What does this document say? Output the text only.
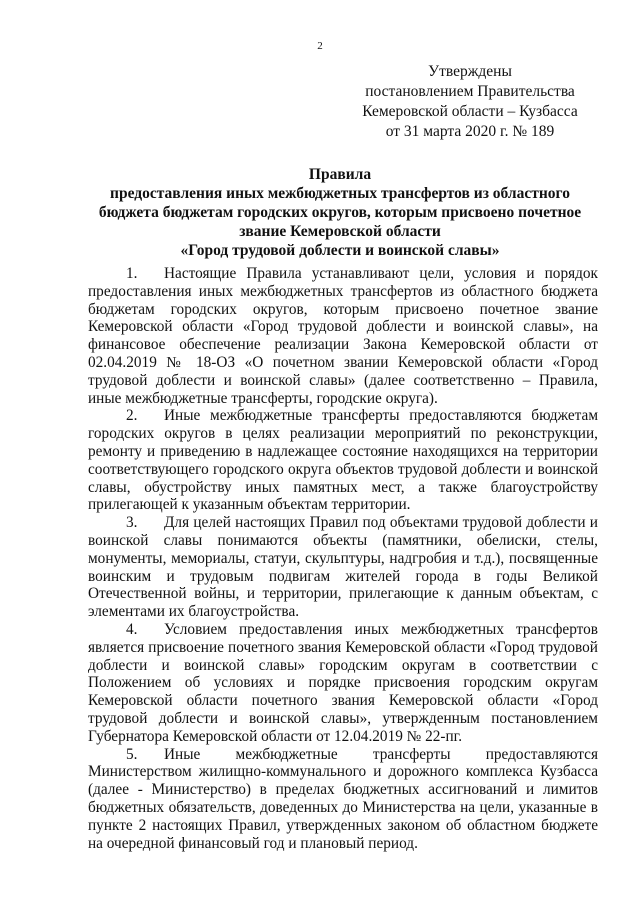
2
Утверждены
постановлением Правительства
Кемеровской области – Кузбасса
от 31 марта 2020 г. № 189
Правила
предоставления иных межбюджетных трансфертов из областного
бюджета бюджетам городских округов, которым присвоено почетное
звание Кемеровской области
«Город трудовой доблести и воинской славы»

1. Настоящие Правила устанавливают цели, условия и порядок предоставления иных межбюджетных трансфертов из областного бюджета бюджетам городских округов, которым присвоено почетное звание Кемеровской области «Город трудовой доблести и воинской славы», на финансовое обеспечение реализации Закона Кемеровской области от 02.04.2019 № 18-ОЗ «О почетном звании Кемеровской области «Город трудовой доблести и воинской славы» (далее соответственно – Правила, иные межбюджетные трансферты, городские округа).

2. Иные межбюджетные трансферты предоставляются бюджетам городских округов в целях реализации мероприятий по реконструкции, ремонту и приведению в надлежащее состояние находящихся на территории соответствующего городского округа объектов трудовой доблести и воинской славы, обустройству иных памятных мест, а также благоустройству прилегающей к указанным объектам территории.

3. Для целей настоящих Правил под объектами трудовой доблести и воинской славы понимаются объекты (памятники, обелиски, стелы, монументы, мемориалы, статуи, скульптуры, надгробия и т.д.), посвященные воинским и трудовым подвигам жителей города в годы Великой Отечественной войны, и территории, прилегающие к данным объектам, с элементами их благоустройства.

4. Условием предоставления иных межбюджетных трансфертов является присвоение почетного звания Кемеровской области «Город трудовой доблести и воинской славы» городским округам в соответствии с Положением об условиях и порядке присвоения городским округам Кемеровской области почетного звания Кемеровской области «Город трудовой доблести и воинской славы», утвержденным постановлением Губернатора Кемеровской области от 12.04.2019 № 22-пг.

5. Иные межбюджетные трансферты предоставляются Министерством жилищно-коммунального и дорожного комплекса Кузбасса (далее - Министерство) в пределах бюджетных ассигнований и лимитов бюджетных обязательств, доведенных до Министерства на цели, указанные в пункте 2 настоящих Правил, утвержденных законом об областном бюджете на очередной финансовый год и плановый период.
